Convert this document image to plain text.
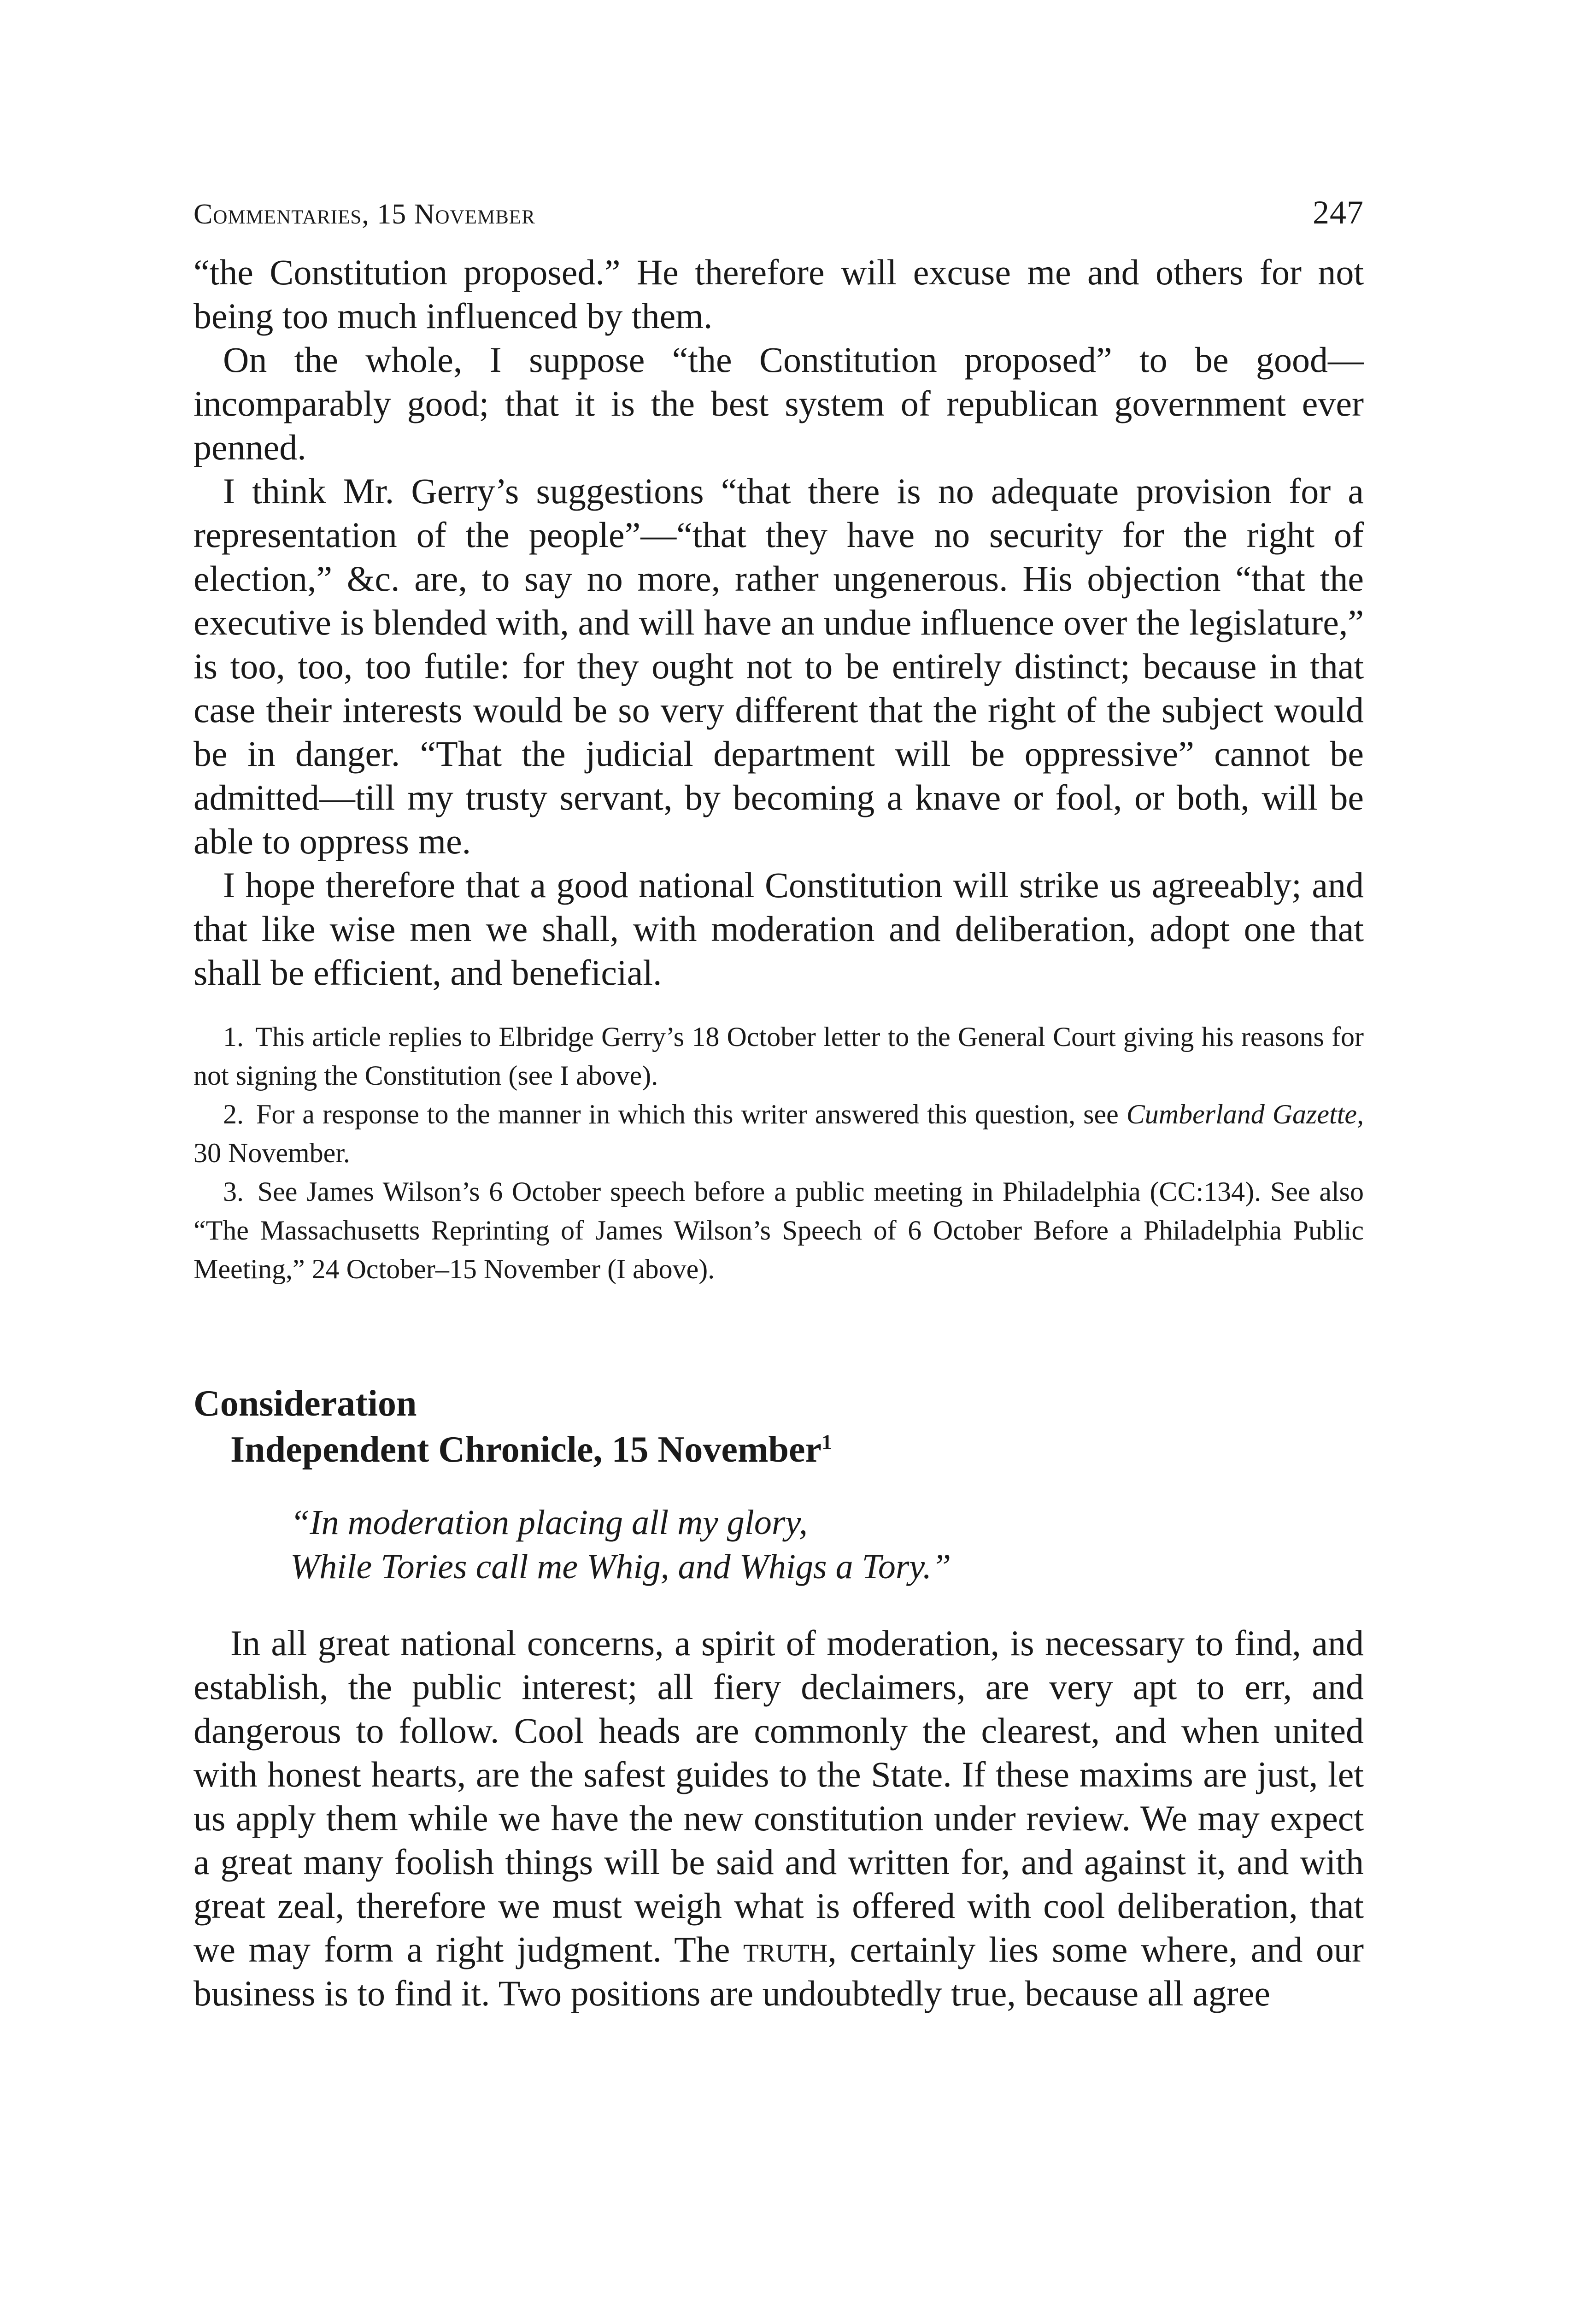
Commentaries, 15 November	247

“the Constitution proposed.” He therefore will excuse me and others for not being too much influenced by them.

On the whole, I suppose “the Constitution proposed” to be good—incomparably good; that it is the best system of republican government ever penned.

I think Mr. Gerry’s suggestions “that there is no adequate provision for a representation of the people”—“that they have no security for the right of election,” &c. are, to say no more, rather ungenerous. His objection “that the executive is blended with, and will have an undue influence over the legislature,” is too, too, too futile: for they ought not to be entirely distinct; because in that case their interests would be so very different that the right of the subject would be in danger. “That the judicial department will be oppressive” cannot be admitted—till my trusty servant, by becoming a knave or fool, or both, will be able to oppress me.

I hope therefore that a good national Constitution will strike us agreeably; and that like wise men we shall, with moderation and deliberation, adopt one that shall be efficient, and beneficial.

1. This article replies to Elbridge Gerry’s 18 October letter to the General Court giving his reasons for not signing the Constitution (see I above).

2. For a response to the manner in which this writer answered this question, see Cumberland Gazette, 30 November.

3. See James Wilson’s 6 October speech before a public meeting in Philadelphia (CC:134). See also “The Massachusetts Reprinting of James Wilson’s Speech of 6 October Before a Philadelphia Public Meeting,” 24 October–15 November (I above).

Consideration
Independent Chronicle, 15 November$^1$
“In moderation placing all my glory,
While Tories call me Whig, and Whigs a Tory.”

In all great national concerns, a spirit of moderation, is necessary to find, and establish, the public interest; all fiery declaimers, are very apt to err, and dangerous to follow. Cool heads are commonly the clearest, and when united with honest hearts, are the safest guides to the State. If these maxims are just, let us apply them while we have the new constitution under review. We may expect a great many foolish things will be said and written for, and against it, and with great zeal, therefore we must weigh what is offered with cool deliberation, that we may form a right judgment. The truth, certainly lies some where, and our business is to find it. Two positions are undoubtedly true, because all agree
